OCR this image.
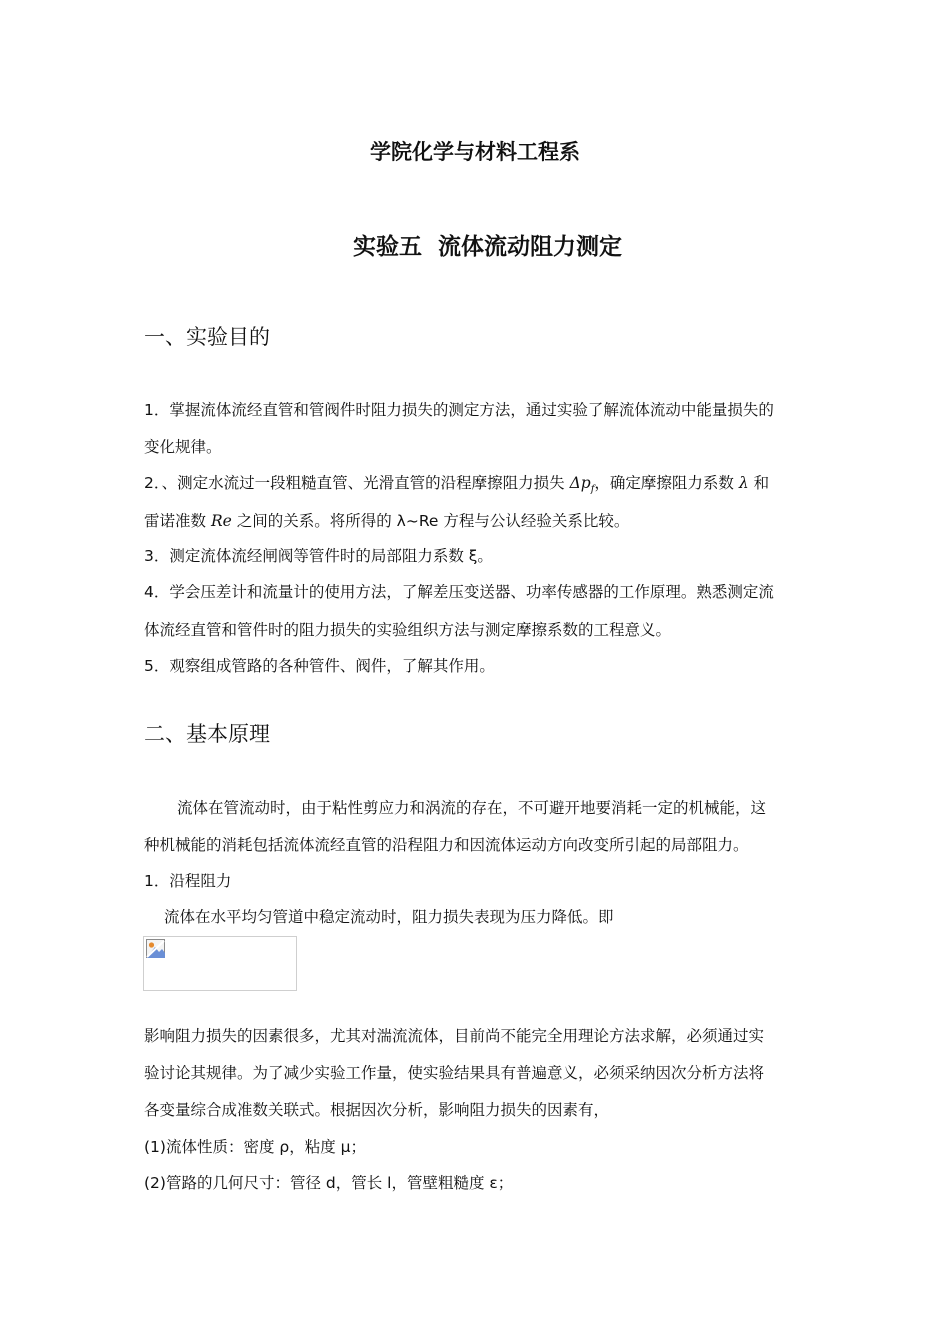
学院化学与材料工程系

实验五 流体流动阻力测定

一、实验目的

1．掌握流体流经直管和管阀件时阻力损失的测定方法，通过实验了解流体流动中能量损失的

变化规律。

2．、测定水流过一段粗糙直管、光滑直管的沿程摩擦阻力损失 $\Delta p_f$，确定摩擦阻力系数 λ 和

雷诺准数 Re 之间的关系。将所得的 λ~Re 方程与公认经验关系比较。

3．测定流体流经闸阀等管件时的局部阻力系数 ξ。

4．学会压差计和流量计的使用方法，了解差压变送器、功率传感器的工作原理。熟悉测定流

体流经直管和管件时的阻力损失的实验组织方法与测定摩擦系数的工程意义。

5．观察组成管路的各种管件、阀件，了解其作用。

二、基本原理

流体在管流动时，由于粘性剪应力和涡流的存在，不可避开地要消耗一定的机械能，这

种机械能的消耗包括流体流经直管的沿程阻力和因流体运动方向改变所引起的局部阻力。

1．沿程阻力

流体在水平均匀管道中稳定流动时，阻力损失表现为压力降低。即

影响阻力损失的因素很多，尤其对湍流流体，目前尚不能完全用理论方法求解，必须通过实

验讨论其规律。为了减少实验工作量，使实验结果具有普遍意义，必须采纳因次分析方法将

各变量综合成准数关联式。根据因次分析，影响阻力损失的因素有，

(1)流体性质：密度 ρ，粘度 μ；

(2)管路的几何尺寸：管径 d，管长 l，管壁粗糙度 ε；
